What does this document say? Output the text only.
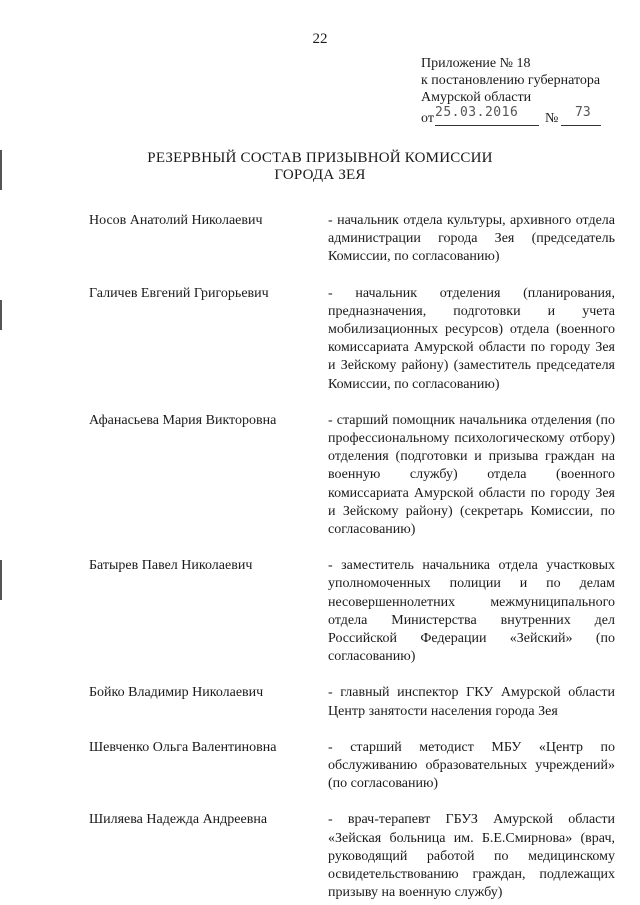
22
Приложение № 18
к постановлению губернатора
Амурской области
от 25.03.2016 № 73
РЕЗЕРВНЫЙ СОСТАВ ПРИЗЫВНОЙ КОМИССИИ
ГОРОДА ЗЕЯ
Носов Анатолий Николаевич	- начальник отдела культуры, архивного отдела администрации города Зея (председатель Комиссии, по согласованию)
Галичев Евгений Григорьевич	- начальник отделения (планирования, предназначения, подготовки и учета мобилизационных ресурсов) отдела (военного комиссариата Амурской области по городу Зея и Зейскому району) (заместитель председателя Комиссии, по согласованию)
Афанасьева Мария Викторовна	- старший помощник начальника отделения (по профессиональному психологическому отбору) отделения (подготовки и призыва граждан на военную службу) отдела (военного комиссариата Амурской области по городу Зея и Зейскому району) (секретарь Комиссии, по согласованию)
Батырев Павел Николаевич	- заместитель начальника отдела участковых уполномоченных полиции и по делам несовершеннолетних межмуниципального отдела Министерства внутренних дел Российской Федерации «Зейский» (по согласованию)
Бойко Владимир Николаевич	- главный инспектор ГКУ Амурской области Центр занятости населения города Зея
Шевченко Ольга Валентиновна	- старший методист МБУ «Центр по обслуживанию образовательных учреждений» (по согласованию)
Шиляева Надежда Андреевна	- врач-терапевт ГБУЗ Амурской области «Зейская больница им. Б.Е.Смирнова» (врач, руководящий работой по медицинскому освидетельствованию граждан, подлежащих призыву на военную службу)
